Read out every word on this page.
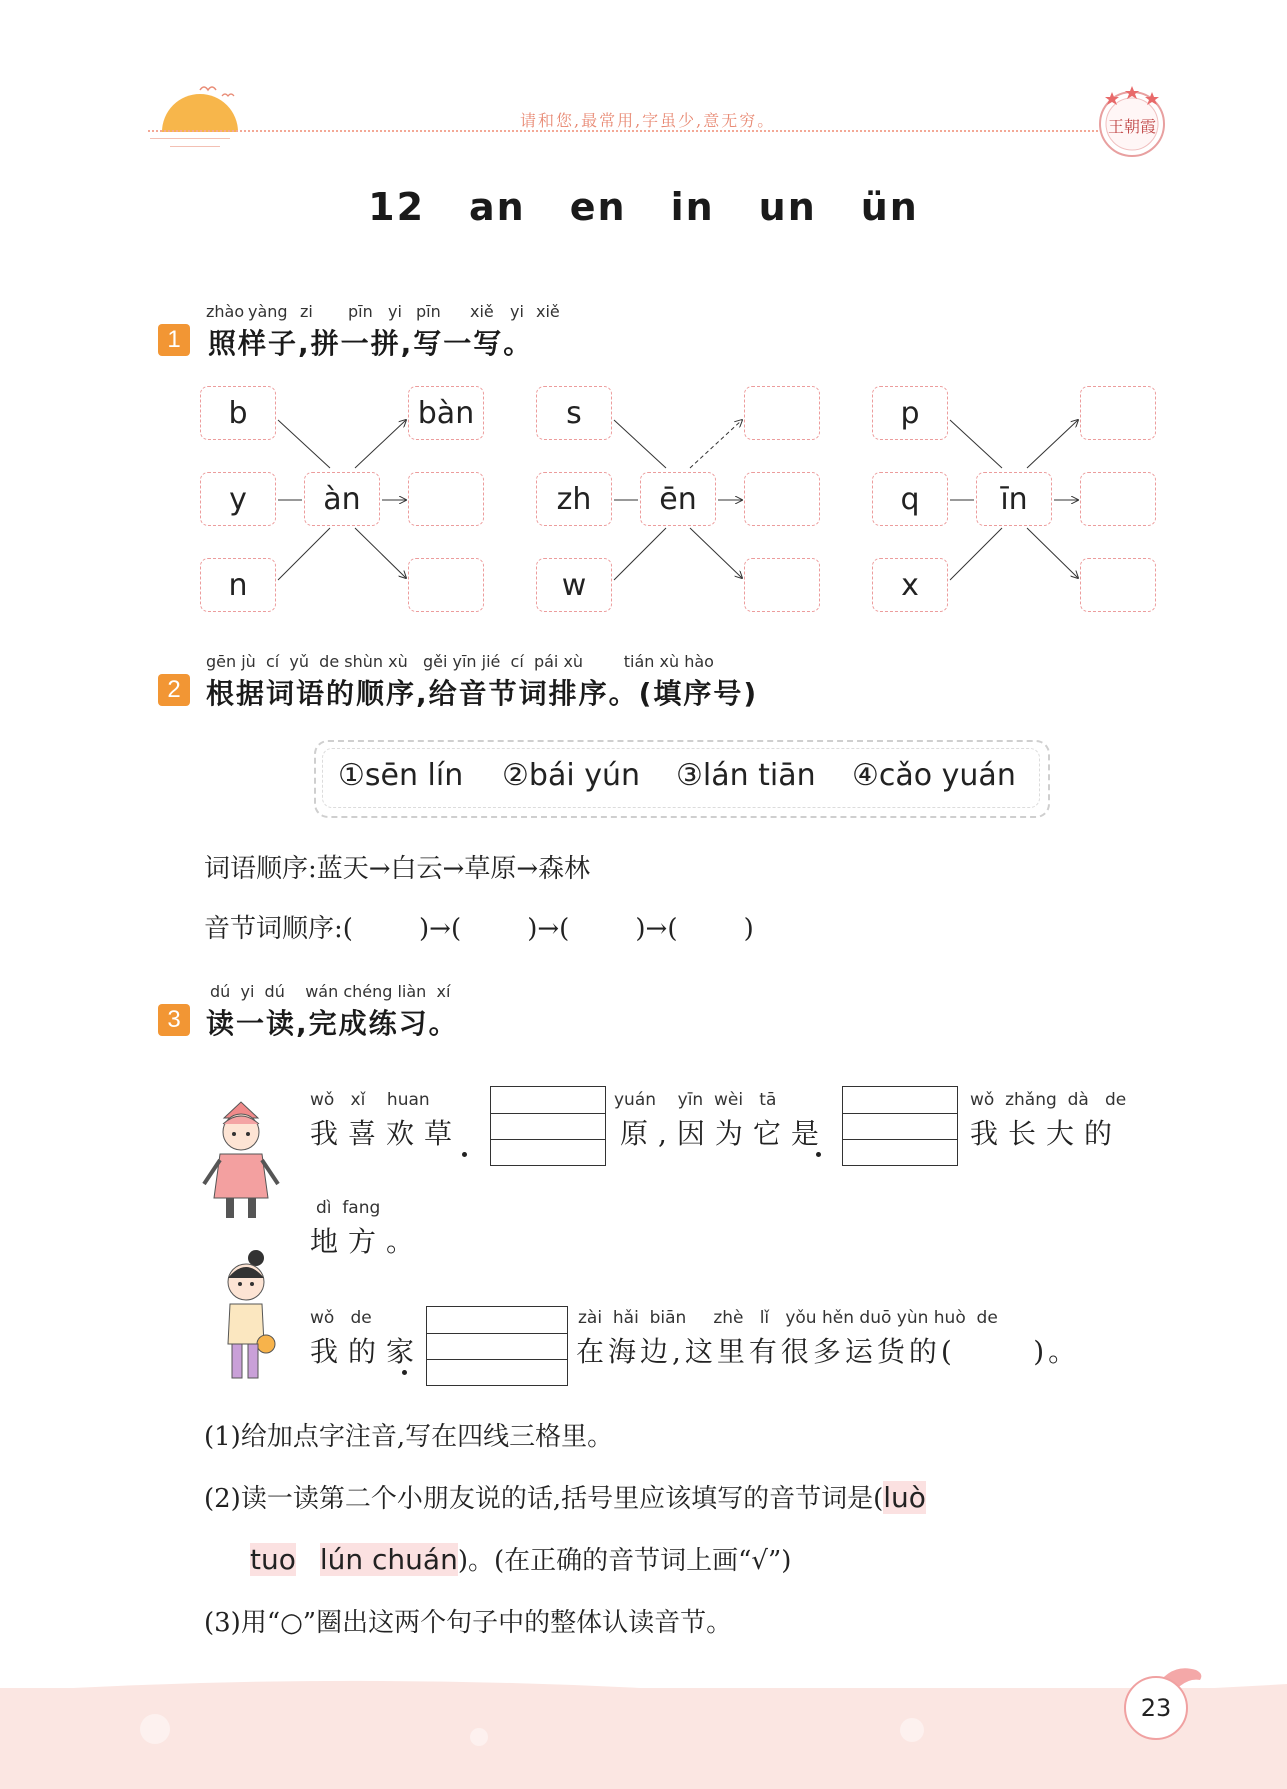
请和您,最常用,字虽少,意无穷。	王朝霞
12 an en in un ün
1
zhào yàng zi pīn yi pīn xiě yi xiě
照样子,拼一拼,写一写。
b
y
n
àn
bàn	s
zh
w
ēn
p
q
x
īn
2
gēn jù  cí  yǔ  de shùn xù   gěi yīn jié  cí  pái xù        tián xù hào
根据词语的顺序,给音节词排序。(填序号)
①sēn lín ②bái yún ③lán tiān ④cǎo yuán
词语顺序:蓝天→白云→草原→森林
音节词顺序:(        )→(        )→(        )→(        )
3
dú  yi  dú    wán chéng liàn  xí
读一读,完成练习。
wǒ   xǐ    huan
我喜欢草
yuán    yīn  wèi   tā
原,因为它是
wǒ  zhǎng  dà   de
我长大的
dì  fang
地方。
wǒ   de
我的家
zài  hǎi  biān     zhè   lǐ   yǒu hěn duō yùn huò  de
在海边,这里有很多运货的(      )。
(1)给加点字注音,写在四线三格里。
(2)读一读第二个小朋友说的话,括号里应该填写的音节词是(luò
tuo lún chuán)。(在正确的音节词上画“√”)
(3)用“○”圈出这两个句子中的整体认读音节。
23
